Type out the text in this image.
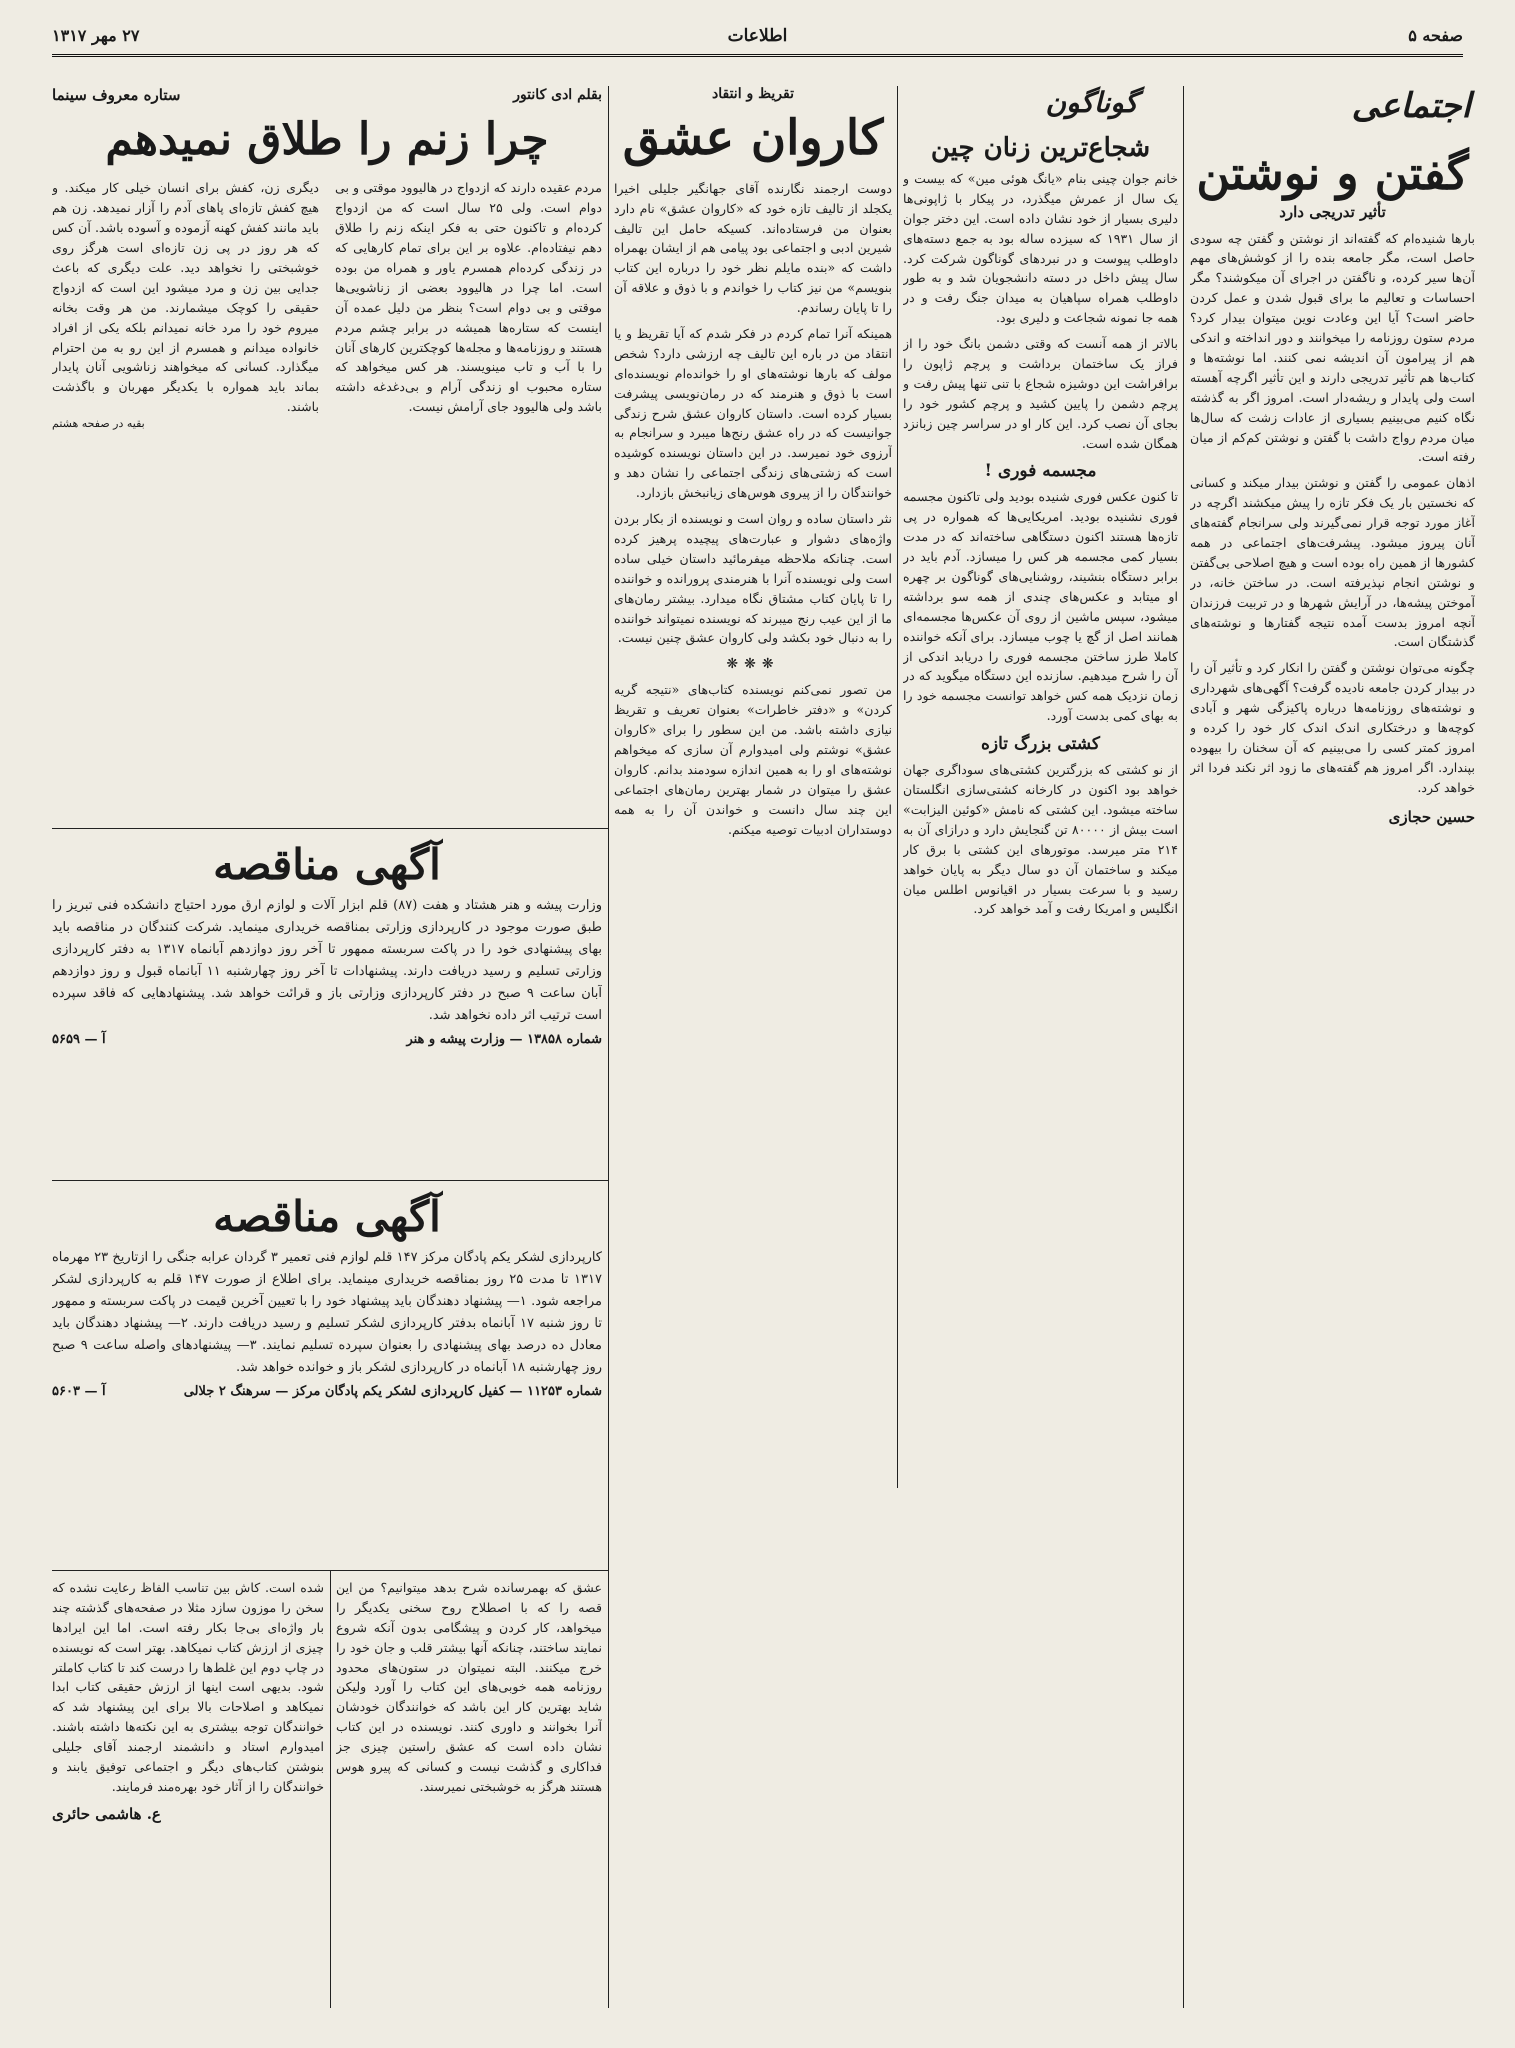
صفحه ۵
اطلاعات
۲۷ مهر ۱۳۱۷
اجتماعی
گفتن و نوشتن
تأثیر تدریجی دارد

بارها شنیده‌ام که گفته‌اند از نوشتن و گفتن چه سودی حاصل است، مگر جامعه بنده را از کوشش‌های مهم آن‌ها سیر کرده، و ناگفتن در اجرای آن میکوشند؟ مگر احساسات و تعالیم ما برای قبول شدن و عمل کردن حاضر است؟ آیا این وعادت نوین میتوان بیدار کرد؟ مردم ستون روزنامه را میخوانند و دور انداخته و اندکی هم از پیرامون آن اندیشه نمی کنند. اما نوشته‌ها و کتاب‌ها هم تأثیر تدریجی دارند و این تأثیر اگرچه آهسته است ولی پایدار و ریشه‌دار است. امروز اگر به گذشته نگاه کنیم می‌بینیم بسیاری از عادات زشت که سال‌ها میان مردم رواج داشت با گفتن و نوشتن کم‌کم از میان رفته است.

اذهان عمومی را گفتن و نوشتن بیدار میکند و کسانی که نخستین بار یک فکر تازه را پیش میکشند اگرچه در آغاز مورد توجه قرار نمی‌گیرند ولی سرانجام گفته‌های آنان پیروز میشود. پیشرفت‌های اجتماعی در همه کشورها از همین راه بوده است و هیچ اصلاحی بی‌گفتن و نوشتن انجام نپذیرفته است. در ساختن خانه، در آموختن پیشه‌ها، در آرایش شهرها و در تربیت فرزندان آنچه امروز بدست آمده نتیجه گفتارها و نوشته‌های گذشتگان است.

چگونه می‌توان نوشتن و گفتن را انکار کرد و تأثیر آن را در بیدار کردن جامعه نادیده گرفت؟ آگهی‌های شهرداری و نوشته‌های روزنامه‌ها درباره پاکیزگی شهر و آبادی کوچه‌ها و درختکاری اندک اندک کار خود را کرده و امروز کمتر کسی را می‌بینیم که آن سخنان را بیهوده بپندارد. اگر امروز هم گفته‌های ما زود اثر نکند فردا اثر خواهد کرد.

حسین حجازی
گوناگون
شجاع‌ترین زنان چین

خانم جوان چینی بنام «یانگ هوئی مین» که بیست و یک سال از عمرش میگذرد، در پیکار با ژاپونی‌ها دلیری بسیار از خود نشان داده است. این دختر جوان از سال ۱۹۳۱ که سیزده ساله بود به جمع دسته‌های داوطلب پیوست و در نبردهای گوناگون شرکت کرد. سال پیش داخل در دسته دانشجویان شد و به طور داوطلب همراه سپاهیان به میدان جنگ رفت و در همه جا نمونه شجاعت و دلیری بود.

بالاتر از همه آنست که وقتی دشمن بانگ خود را از فراز یک ساختمان برداشت و پرچم ژاپون را برافراشت این دوشیزه شجاع با تنی تنها پیش رفت و پرچم دشمن را پایین کشید و پرچم کشور خود را بجای آن نصب کرد. این کار او در سراسر چین زبانزد همگان شده است.

مجسمه فوری !

تا کنون عکس فوری شنیده بودید ولی تاکنون مجسمه فوری نشنیده بودید. امریکایی‌ها که همواره در پی تازه‌ها هستند اکنون دستگاهی ساخته‌اند که در مدت بسیار کمی مجسمه هر کس را میسازد. آدم باید در برابر دستگاه بنشیند، روشنایی‌های گوناگون بر چهره او میتابد و عکس‌های چندی از همه سو برداشته میشود، سپس ماشین از روی آن عکس‌ها مجسمه‌ای همانند اصل از گچ یا چوب میسازد. برای آنکه خواننده کاملا طرز ساختن مجسمه فوری را دریابد اندکی از آن را شرح میدهیم. سازنده این دستگاه میگوید که در زمان نزدیک همه کس خواهد توانست مجسمه خود را به بهای کمی بدست آورد.

کشتی بزرگ تازه

از نو کشتی که بزرگترین کشتی‌های سوداگری جهان خواهد بود اکنون در کارخانه کشتی‌سازی انگلستان ساخته میشود. این کشتی که نامش «کوئین الیزابت» است بیش از ۸۰۰۰۰ تن گنجایش دارد و درازای آن به ۲۱۴ متر میرسد. موتورهای این کشتی با برق کار میکند و ساختمان آن دو سال دیگر به پایان خواهد رسید و با سرعت بسیار در اقیانوس اطلس میان انگلیس و امریکا رفت و آمد خواهد کرد.

تقریظ و انتقاد
کاروان عشق

دوست ارجمند نگارنده آقای جهانگیر جلیلی اخیرا یکجلد از تالیف تازه خود که «کاروان عشق» نام دارد بعنوان من فرستاده‌اند. کسیکه حامل این تالیف شیرین ادبی و اجتماعی بود پیامی هم از ایشان بهمراه داشت که «بنده مایلم نظر خود را درباره این کتاب بنویسم» من نیز کتاب را خواندم و با ذوق و علاقه آن را تا پایان رساندم.

همینکه آنرا تمام کردم در فکر شدم که آیا تقریظ و یا انتقاد من در باره این تالیف چه ارزشی دارد؟ شخص مولف که بارها نوشته‌های او را خوانده‌ام نویسنده‌ای است با ذوق و هنرمند که در رمان‌نویسی پیشرفت بسیار کرده است. داستان کاروان عشق شرح زندگی جوانیست که در راه عشق رنج‌ها میبرد و سرانجام به آرزوی خود نمیرسد. در این داستان نویسنده کوشیده است که زشتی‌های زندگی اجتماعی را نشان دهد و خوانندگان را از پیروی هوس‌های زیانبخش بازدارد.

نثر داستان ساده و روان است و نویسنده از بکار بردن واژه‌های دشوار و عبارت‌های پیچیده پرهیز کرده است. چنانکه ملاحظه میفرمائید داستان خیلی ساده است ولی نویسنده آنرا با هنرمندی پرورانده و خواننده را تا پایان کتاب مشتاق نگاه میدارد. بیشتر رمان‌های ما از این عیب رنج میبرند که نویسنده نمیتواند خواننده را به دنبال خود بکشد ولی کاروان عشق چنین نیست.

❋❋❋

من تصور نمی‌کنم نویسنده کتاب‌های «نتیجه گریه کردن» و «دفتر خاطرات» بعنوان تعریف و تقریظ نیازی داشته باشد. من این سطور را برای «کاروان عشق» نوشتم ولی امیدوارم آن سازی که میخواهم نوشته‌های او را به همین اندازه سودمند بدانم. کاروان عشق را میتوان در شمار بهترین رمان‌های اجتماعی این چند سال دانست و خواندن آن را به همه دوستداران ادبیات توصیه میکنم.

ستاره معروف سینما	بقلم ادی کانتور
چرا زنم را طلاق نمیدهم

مردم عقیده دارند که ازدواج در هالیوود موقتی و بی دوام است. ولی ۲۵ سال است که من ازدواج کرده‌ام و تاکنون حتی به فکر اینکه زنم را طلاق دهم نیفتاده‌ام. علاوه بر این برای تمام کارهایی که در زندگی کرده‌ام همسرم یاور و همراه من بوده است. اما چرا در هالیوود بعضی از زناشویی‌ها موقتی و بی دوام است؟ بنظر من دلیل عمده آن اینست که ستاره‌ها همیشه در برابر چشم مردم هستند و روزنامه‌ها و مجله‌ها کوچکترین کارهای آنان را با آب و تاب مینویسند. هر کس میخواهد که ستاره محبوب او زندگی آرام و بی‌دغدغه داشته باشد ولی هالیوود جای آرامش نیست.

دیگری زن، کفش برای انسان خیلی کار میکند. و هیچ کفش تازه‌ای پاهای آدم را آزار نمیدهد. زن هم باید مانند کفش کهنه آزموده و آسوده باشد. آن کس که هر روز در پی زن تازه‌ای است هرگز روی خوشبختی را نخواهد دید. علت دیگری که باعث جدایی بین زن و مرد میشود این است که ازدواج حقیقی را کوچک میشمارند. من هر وقت بخانه میروم خود را مرد خانه نمیدانم بلکه یکی از افراد خانواده میدانم و همسرم از این رو به من احترام میگذارد. کسانی که میخواهند زناشویی آنان پایدار بماند باید همواره با یکدیگر مهربان و باگذشت باشند.

بقیه در صفحه هشتم
آگهی مناقصه

وزارت پیشه و هنر هشتاد و هفت (۸۷) قلم ابزار آلات و لوازم ارق مورد احتیاج دانشکده فنی تبریز را طبق صورت موجود در کارپردازی وزارتی بمناقصه خریداری مینماید. شرکت کنندگان در مناقصه باید بهای پیشنهادی خود را در پاکت سربسته ممهور تا آخر روز دوازدهم آبانماه ۱۳۱۷ به دفتر کارپردازی وزارتی تسلیم و رسید دریافت دارند. پیشنهادات تا آخر روز چهارشنبه ۱۱ آبانماه قبول و روز دوازدهم آبان ساعت ۹ صبح در دفتر کارپردازی وزارتی باز و قرائت خواهد شد. پیشنهادهایی که فاقد سپرده است ترتیب اثر داده نخواهد شد.

آ — ۵۶۵۹	شماره ۱۳۸۵۸ — وزارت پیشه و هنر
آگهی مناقصه

کارپردازی لشکر یکم پادگان مرکز ۱۴۷ قلم لوازم فنی تعمیر ۳ گردان عرابه جنگی را ازتاریخ ۲۳ مهرماه ۱۳۱۷ تا مدت ۲۵ روز بمناقصه خریداری مینماید. برای اطلاع از صورت ۱۴۷ قلم به کارپردازی لشکر مراجعه شود. ۱— پیشنهاد دهندگان باید پیشنهاد خود را با تعیین آخرین قیمت در پاکت سربسته و ممهور تا روز شنبه ۱۷ آبانماه بدفتر کارپردازی لشکر تسلیم و رسید دریافت دارند. ۲— پیشنهاد دهندگان باید معادل ده درصد بهای پیشنهادی را بعنوان سپرده تسلیم نمایند. ۳— پیشنهادهای واصله ساعت ۹ صبح روز چهارشنبه ۱۸ آبانماه در کارپردازی لشکر باز و خوانده خواهد شد.

آ — ۵۶۰۳	شماره ۱۱۲۵۳ — کفیل کارپردازی لشکر یکم پادگان مرکز — سرهنگ ۲ جلالی

عشق که بهمرسانده شرح بدهد میتوانیم؟ من این قصه را که با اصطلاح روح سخنی یکدیگر را میخواهد، کار کردن و پیشگامی بدون آنکه شروع نمایند ساختند، چنانکه آنها بیشتر قلب و جان خود را خرج میکنند. البته نمیتوان در ستون‌های محدود روزنامه همه خوبی‌های این کتاب را آورد ولیکن شاید بهترین کار این باشد که خوانندگان خودشان آنرا بخوانند و داوری کنند. نویسنده در این کتاب نشان داده است که عشق راستین چیزی جز فداکاری و گذشت نیست و کسانی که پیرو هوس هستند هرگز به خوشبختی نمیرسند.

شده است. کاش بین تناسب الفاظ رعایت نشده که سخن را موزون سازد مثلا در صفحه‌های گذشته چند بار واژه‌ای بی‌جا بکار رفته است. اما این ایرادها چیزی از ارزش کتاب نمیکاهد. بهتر است که نویسنده در چاپ دوم این غلط‌ها را درست کند تا کتاب کاملتر شود. بدیهی است اینها از ارزش حقیقی کتاب ابدا نمیکاهد و اصلاحات بالا برای این پیشنهاد شد که خوانندگان توجه بیشتری به این نکته‌ها داشته باشند. امیدوارم استاد و دانشمند ارجمند آقای جلیلی بنوشتن کتاب‌های دیگر و اجتماعی توفیق یابند و خوانندگان را از آثار خود بهره‌مند فرمایند.

ع. هاشمی حائری
